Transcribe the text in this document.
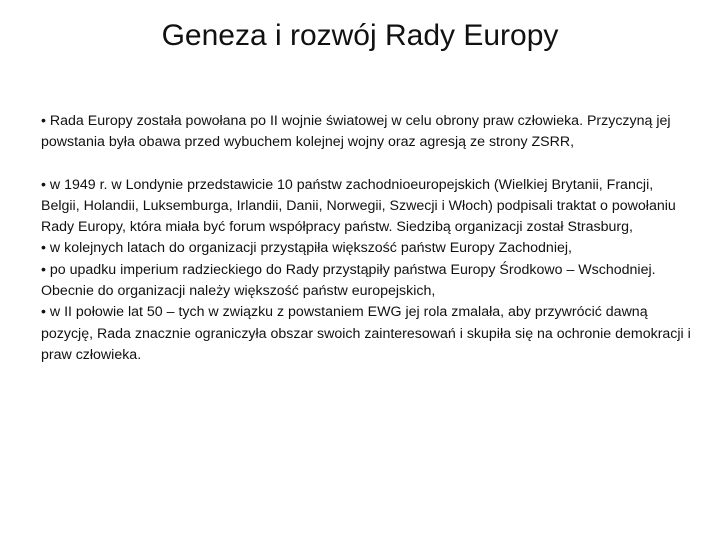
Geneza i rozwój Rady Europy

• Rada Europy została powołana po II wojnie światowej w celu obrony praw człowieka. Przyczyną jej powstania była obawa przed wybuchem kolejnej wojny oraz agresją ze strony ZSRR,

• w 1949 r. w Londynie przedstawicie 10 państw zachodnioeuropejskich (Wielkiej Brytanii, Francji, Belgii, Holandii, Luksemburga, Irlandii, Danii, Norwegii, Szwecji i Włoch) podpisali traktat o powołaniu Rady Europy, która miała być forum współpracy państw. Siedzibą organizacji został Strasburg,

• w kolejnych latach do organizacji przystąpiła większość państw Europy Zachodniej,

• po upadku imperium radzieckiego do Rady przystąpiły państwa Europy Środkowo – Wschodniej. Obecnie do organizacji należy większość państw europejskich,

• w II połowie lat 50 – tych w związku z powstaniem EWG jej rola zmalała, aby przywrócić dawną pozycję, Rada znacznie ograniczyła obszar swoich zainteresowań i skupiła się na ochronie demokracji i praw człowieka.
